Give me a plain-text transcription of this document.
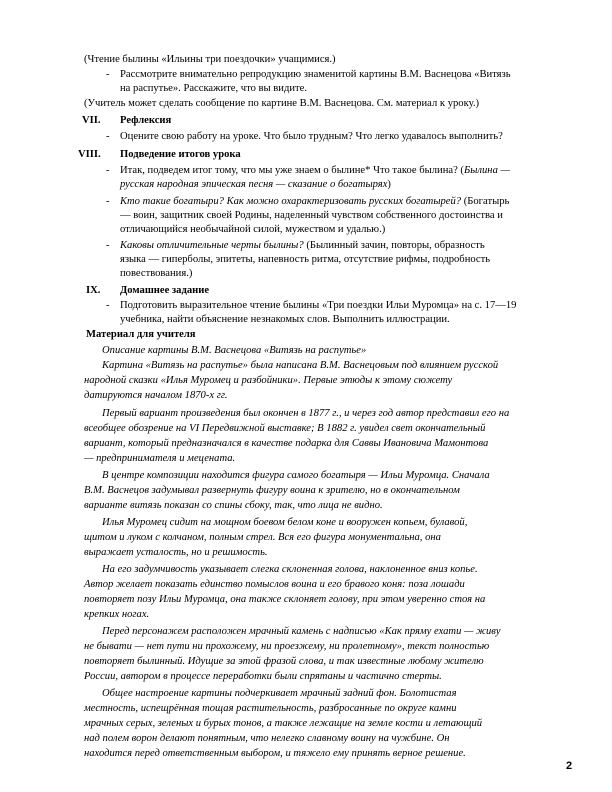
(Чтение былины «Ильины три поездочки» учащимися.)
- Рассмотрите внимательно репродукцию знаменитой картины В.М. Васнецова «Витязь
на распутье». Расскажите, что вы видите.
(Учитель может сделать сообщение по картине В.М. Васнецова. См. материал к уроку.)
VII. Рефлексия
- Оцените свою работу на уроке. Что было трудным? Что легко удавалось выполнить?
VIII. Подведение итогов урока
- Итак, подведем итог тому, что мы уже знаем о былине* Что такое былина? (Былина —
русская народная эпическая песня — сказание о богатырях)
- Кто такие богатыри? Как можно охарактеризовать русских богатырей? (Богатырь
— воин, защитник своей Родины, наделенный чувством собственного достоинства и
отличающийся необычайной силой, мужеством и удалью.)
- Каковы отличительные черты былины? (Былинный зачин, повторы, образность
языка — гиперболы, эпитеты, напевность ритма, отсутствие рифмы, подробность
повествования.)
IX. Домашнее задание
- Подготовить выразительное чтение былины «Три поездки Ильи Муромца» на с. 17—19
учебника, найти объяснение незнакомых слов. Выполнить иллюстрации.
Материал для учителя
Описание картины В.М. Васнецова «Витязь на распутье»
Картина «Витязь на распутье» была написана В.М. Васнецовым под влиянием русской
народной сказки «Илья Муромец и разбойники». Первые этюды к этому сюжету
датируются началом 1870-х гг.
Первый вариант произведения был окончен в 1877 г., и через год автор представил его на
всеобщее обозрение на VI Передвижной выставке; В 1882 г. увидел свет окончательный
вариант, который предназначался в качестве подарка для Саввы Ивановича Мамонтова
— предпринимателя и мецената.
В центре композиции находится фигура самого богатыря — Ильи Муромца. Сначала
В.М. Васнецов задумывал развернуть фигуру воина к зрителю, но в окончательном
варианте витязь показан со спины сбоку, так, что лица не видно.
Илья Муромец сидит на мощном боевом белом коне и вооружен копьем, булавой,
щитом и луком с колчаном, полным стрел. Вся его фигура монументальна, она
выражает усталость, но и решимость.
На его задумчивость указывает слегка склоненная голова, наклоненное вниз копье.
Автор желает показать единство помыслов воина и его бравого коня: поза лошади
повторяет позу Ильи Муромца, она также склоняет голову, при этом уверенно стоя на
крепких ногах.
Перед персонажем расположен мрачный камень с надписью «Как пряму ехати — живу
не бывати — нет пути ни прохожему, ни проезжему, ни пролетному», текст полностью
повторяет былинный. Идущие за этой фразой слова, и так известные любому жителю
России, автором в процессе переработки были спрятаны и частично стерты.
Общее настроение картины подчеркивает мрачный задний фон. Болотистая
местность, испещрённая тощая растительность, разбросанные по округе камни
мрачных серых, зеленых и бурых тонов, а также лежащие на земле кости и летающий
над полем ворон делают понятным, что нелегко славному воину на чужбине. Он
находится перед ответственным выбором, и тяжело ему принять верное решение.
2
